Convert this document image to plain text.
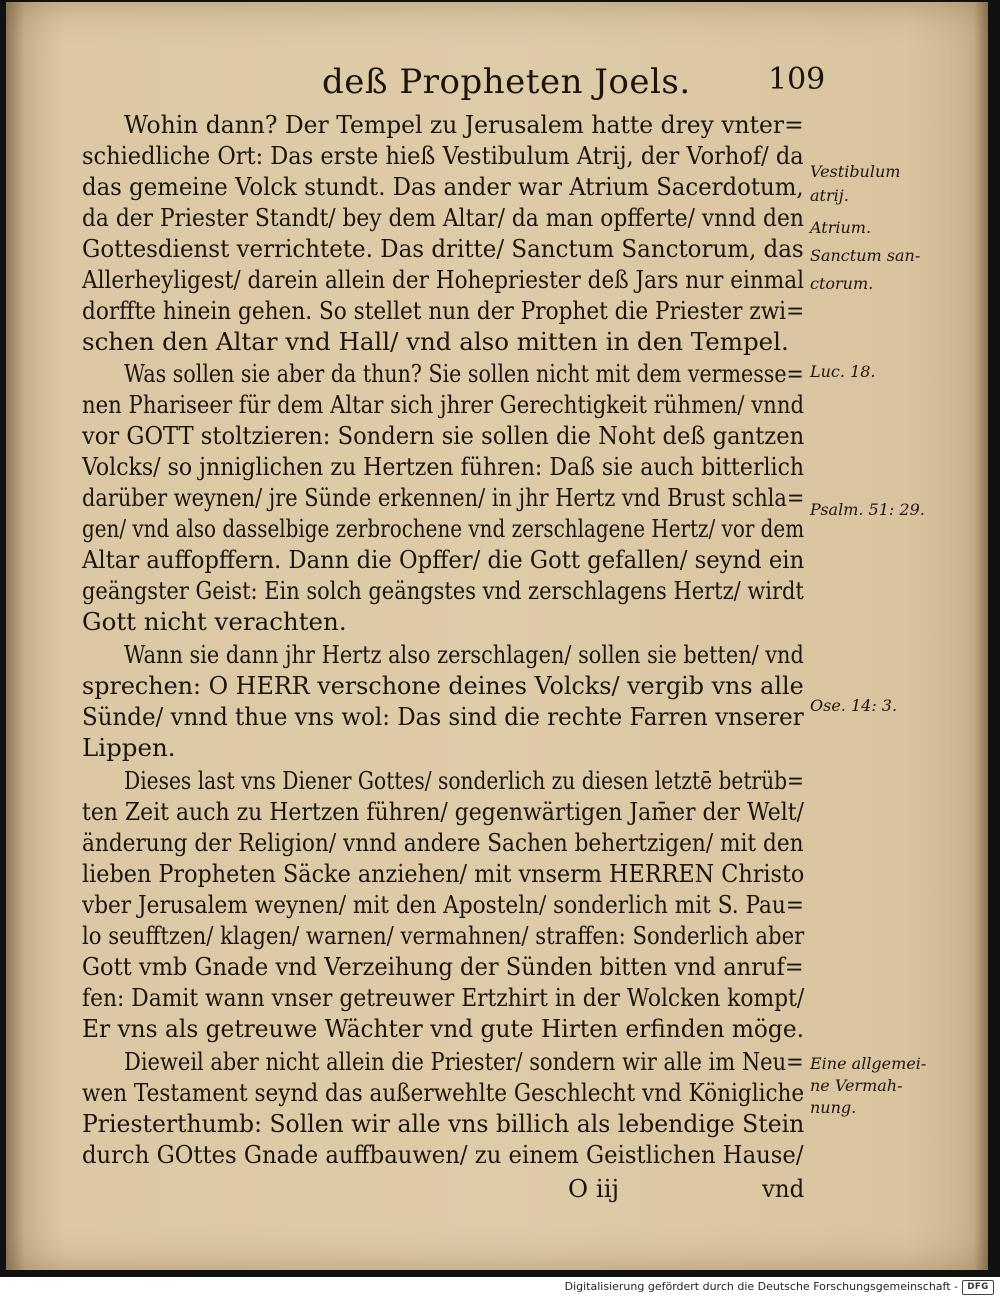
deß Propheten Joels.	109
Wohin dann? Der Tempel zu Jerusalem hatte drey vnter=
schiedliche Ort: Das erste hieß Vestibulum Atrij, der Vorhof/ da
das gemeine Volck stundt. Das ander war Atrium Sacerdotum,
da der Priester Standt/ bey dem Altar/ da man opfferte/ vnnd den
Gottesdienst verrichtete. Das dritte/ Sanctum Sanctorum, das
Allerheyligest/ darein allein der Hohepriester deß Jars nur einmal
dorffte hinein gehen. So stellet nun der Prophet die Priester zwi=
schen den Altar vnd Hall/ vnd also mitten in den Tempel.
Was sollen sie aber da thun? Sie sollen nicht mit dem vermesse=
nen Phariseer für dem Altar sich jhrer Gerechtigkeit rühmen/ vnnd
vor GOTT stoltzieren: Sondern sie sollen die Noht deß gantzen
Volcks/ so jnniglichen zu Hertzen führen: Daß sie auch bitterlich
darüber weynen/ jre Sünde erkennen/ in jhr Hertz vnd Brust schla=
gen/ vnd also dasselbige zerbrochene vnd zerschlagene Hertz/ vor dem
Altar auffopffern. Dann die Opffer/ die Gott gefallen/ seynd ein
geängster Geist: Ein solch geängstes vnd zerschlagens Hertz/ wirdt
Gott nicht verachten.
Wann sie dann jhr Hertz also zerschlagen/ sollen sie betten/ vnd
sprechen: O HERR verschone deines Volcks/ vergib vns alle
Sünde/ vnnd thue vns wol: Das sind die rechte Farren vnserer
Lippen.
Dieses last vns Diener Gottes/ sonderlich zu diesen letztē betrüb=
ten Zeit auch zu Hertzen führen/ gegenwärtigen Jam̄er der Welt/
änderung der Religion/ vnnd andere Sachen behertzigen/ mit den
lieben Propheten Säcke anziehen/ mit vnserm HERREN Christo
vber Jerusalem weynen/ mit den Aposteln/ sonderlich mit S. Pau=
lo seufftzen/ klagen/ warnen/ vermahnen/ straffen: Sonderlich aber
Gott vmb Gnade vnd Verzeihung der Sünden bitten vnd anruf=
fen: Damit wann vnser getreuwer Ertzhirt in der Wolcken kompt/
Er vns als getreuwe Wächter vnd gute Hirten erfinden möge.
Dieweil aber nicht allein die Priester/ sondern wir alle im Neu=
wen Testament seynd das außerwehlte Geschlecht vnd Königliche
Priesterthumb: Sollen wir alle vns billich als lebendige Stein
durch GOttes Gnade auffbauwen/ zu einem Geistlichen Hause/
O iij	vnd
Vestibulum
atrij.
Atrium.
Sanctum san-
ctorum.
Luc. 18.
Psalm. 51: 29.
Ose. 14: 3.
Eine allgemei-
ne Vermah-
nung.
Digitalisierung gefördert durch die Deutsche Forschungsgemeinschaft -	DFG
